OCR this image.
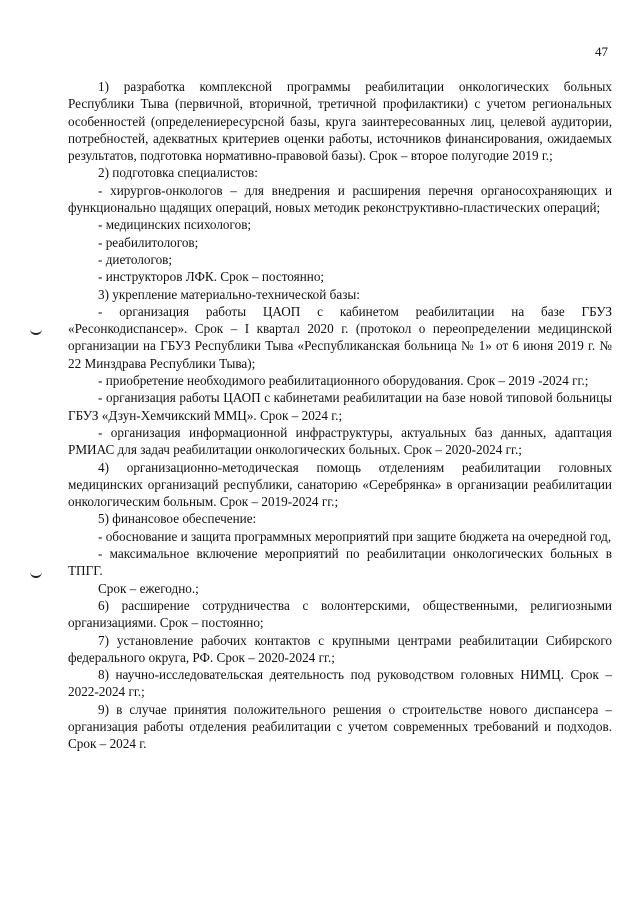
47

1) разработка комплексной программы реабилитации онкологических больных Республики Тыва (первичной, вторичной, третичной профилактики) с учетом региональных особенностей (определениересурсной базы, круга заинтересованных лиц, целевой аудитории, потребностей, адекватных критериев оценки работы, источников финансирования, ожидаемых результатов, подготовка нормативно-правовой базы). Срок – второе полугодие 2019 г.;

2) подготовка специалистов:

- хирургов-онкологов – для внедрения и расширения перечня органосохраняющих и функционально щадящих операций, новых методик реконструктивно-пластических операций;

- медицинских психологов;

- реабилитологов;

- диетологов;

- инструкторов ЛФК. Срок – постоянно;

3) укрепление материально-технической базы:

- организация работы ЦАОП с кабинетом реабилитации на базе ГБУЗ «Ресонкодиспансер». Срок – I квартал 2020 г. (протокол о переопределении медицинской организации на ГБУЗ Республики Тыва «Республиканская больница № 1» от 6 июня 2019 г. № 22 Минздрава Республики Тыва);

- приобретение необходимого реабилитационного оборудования. Срок – 2019 -2024 гг.;

- организация работы ЦАОП с кабинетами реабилитации на базе новой типовой больницы ГБУЗ «Дзун-Хемчикский ММЦ». Срок – 2024 г.;

- организация информационной инфраструктуры, актуальных баз данных, адаптация РМИАС для задач реабилитации онкологических больных. Срок – 2020-2024 гг.;

4) организационно-методическая помощь отделениям реабилитации головных медицинских организаций республики, санаторию «Серебрянка» в организации реабилитации онкологическим больным. Срок – 2019-2024 гг.;

5) финансовое обеспечение:

- обоснование и защита программных мероприятий при защите бюджета на очередной год,

- максимальное включение мероприятий по реабилитации онкологических больных в ТПГГ.

Срок – ежегодно.;

6) расширение сотрудничества с волонтерскими, общественными, религиозными организациями. Срок – постоянно;

7) установление рабочих контактов с крупными центрами реабилитации Сибирского федерального округа, РФ. Срок – 2020-2024 гг.;

8) научно-исследовательская деятельность под руководством головных НИМЦ. Срок – 2022-2024 гг.;

9) в случае принятия положительного решения о строительстве нового диспансера – организация работы отделения реабилитации с учетом современных требований и подходов. Срок – 2024 г.
